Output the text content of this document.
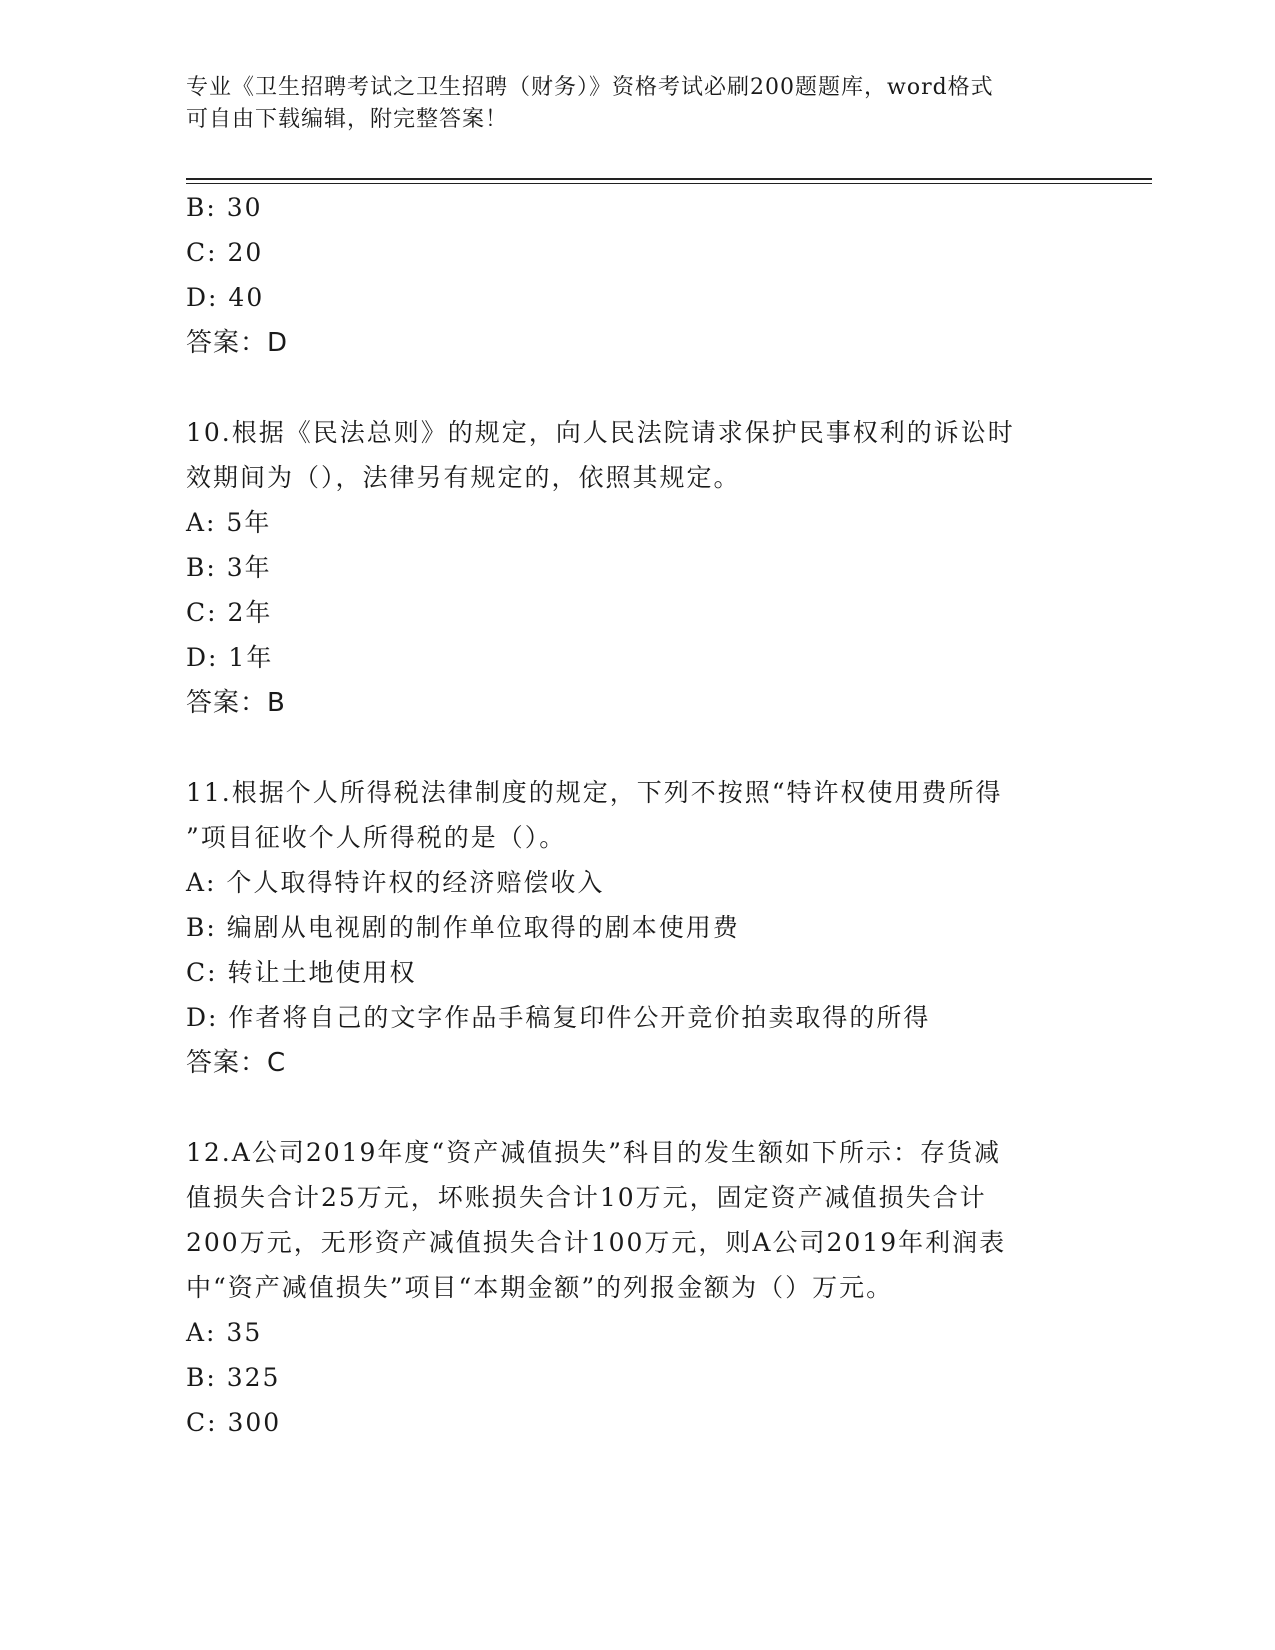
专业《卫生招聘考试之卫生招聘（财务）》资格考试必刷200题题库，word格式
可自由下载编辑，附完整答案！
B: 30
C: 20
D: 40
答案：D
10.根据《民法总则》的规定，向人民法院请求保护民事权利的诉讼时
效期间为（），法律另有规定的，依照其规定。
A: 5年
B: 3年
C: 2年
D: 1年
答案：B
11.根据个人所得税法律制度的规定，下列不按照“特许权使用费所得
”项目征收个人所得税的是（）。
A: 个人取得特许权的经济赔偿收入
B: 编剧从电视剧的制作单位取得的剧本使用费
C: 转让土地使用权
D: 作者将自己的文字作品手稿复印件公开竞价拍卖取得的所得
答案：C
12.A公司2019年度“资产减值损失”科目的发生额如下所示：存货减
值损失合计25万元，坏账损失合计10万元，固定资产减值损失合计
200万元，无形资产减值损失合计100万元，则A公司2019年利润表
中“资产减值损失”项目“本期金额”的列报金额为（）万元。
A: 35
B: 325
C: 300
